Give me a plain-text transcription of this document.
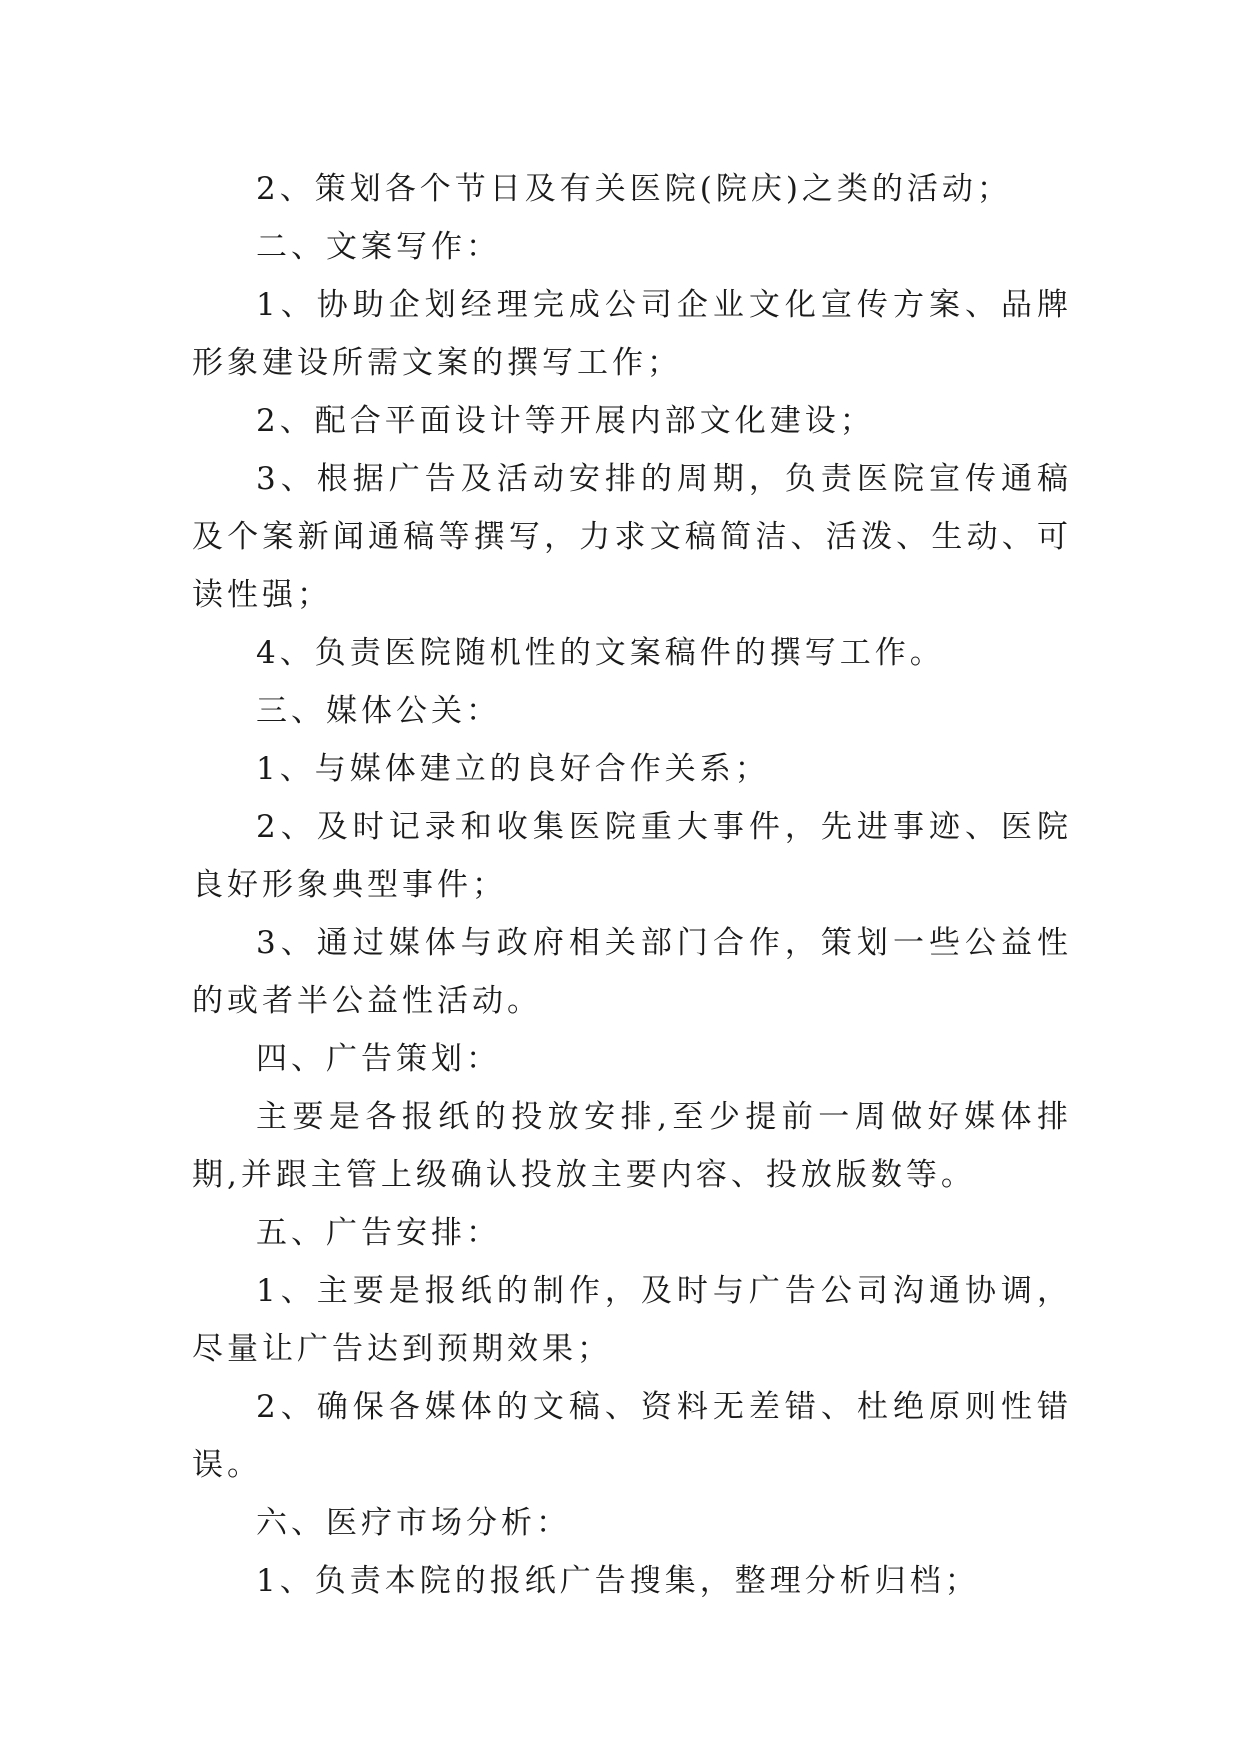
2、策划各个节日及有关医院(院庆)之类的活动；

二、文案写作：

1、协助企划经理完成公司企业文化宣传方案、品牌形象建设所需文案的撰写工作；

2、配合平面设计等开展内部文化建设；

3、根据广告及活动安排的周期，负责医院宣传通稿及个案新闻通稿等撰写，力求文稿简洁、活泼、生动、可读性强；

4、负责医院随机性的文案稿件的撰写工作。

三、媒体公关：

1、与媒体建立的良好合作关系；

2、及时记录和收集医院重大事件，先进事迹、医院良好形象典型事件；

3、通过媒体与政府相关部门合作，策划一些公益性的或者半公益性活动。

四、广告策划：

主要是各报纸的投放安排,至少提前一周做好媒体排期,并跟主管上级确认投放主要内容、投放版数等。

五、广告安排：

1、主要是报纸的制作，及时与广告公司沟通协调，尽量让广告达到预期效果；

2、确保各媒体的文稿、资料无差错、杜绝原则性错误。

六、医疗市场分析：

1、负责本院的报纸广告搜集，整理分析归档；
